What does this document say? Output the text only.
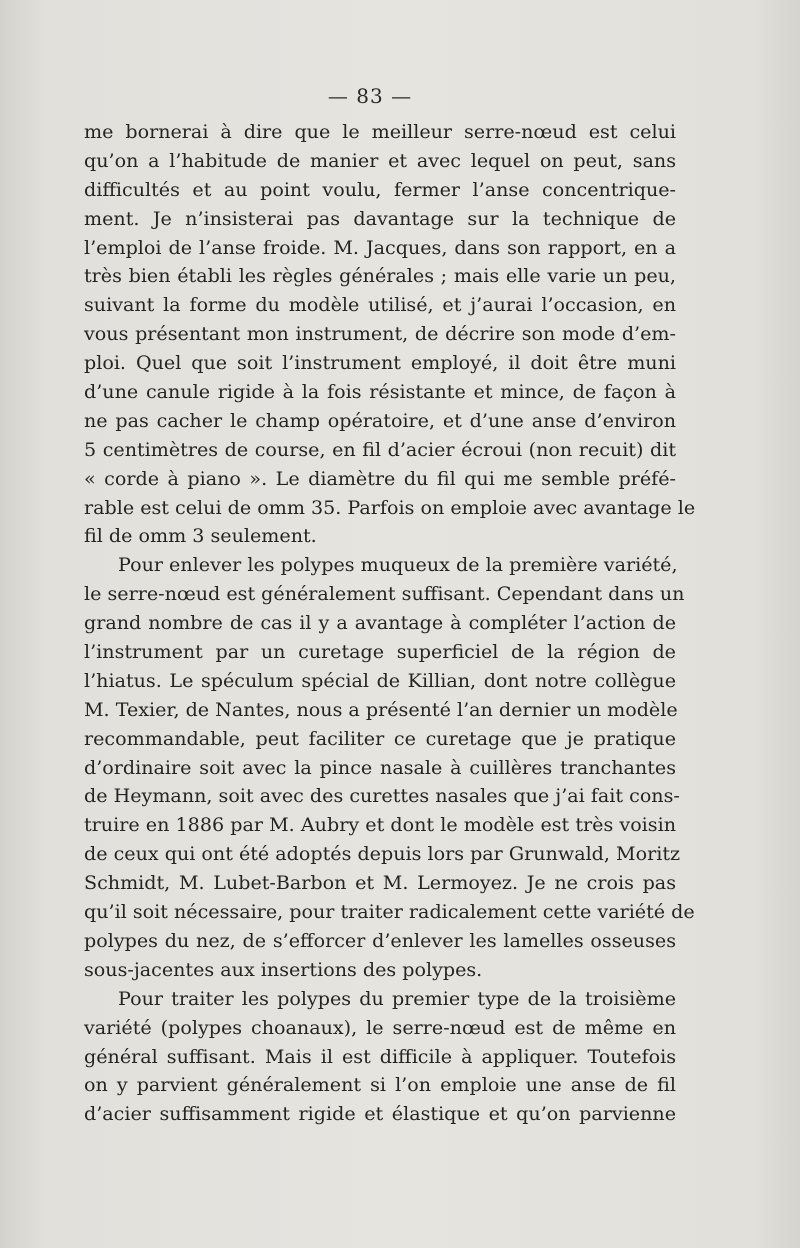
— 83 —
me bornerai à dire que le meilleur serre-nœud est celui
qu’on a l’habitude de manier et avec lequel on peut, sans
difficultés et au point voulu, fermer l’anse concentrique-
ment. Je n’insisterai pas davantage sur la technique de
l’emploi de l’anse froide. M. Jacques, dans son rapport, en a
très bien établi les règles générales ; mais elle varie un peu,
suivant la forme du modèle utilisé, et j’aurai l’occasion, en
vous présentant mon instrument, de décrire son mode d’em-
ploi. Quel que soit l’instrument employé, il doit être muni
d’une canule rigide à la fois résistante et mince, de façon à
ne pas cacher le champ opératoire, et d’une anse d’environ
5 centimètres de course, en fil d’acier écroui (non recuit) dit
« corde à piano ». Le diamètre du fil qui me semble préfé-
rable est celui de omm 35. Parfois on emploie avec avantage le
fil de omm 3 seulement.
Pour enlever les polypes muqueux de la première variété,
le serre-nœud est généralement suffisant. Cependant dans un
grand nombre de cas il y a avantage à compléter l’action de
l’instrument par un curetage superficiel de la région de
l’hiatus. Le spéculum spécial de Killian, dont notre collègue
M. Texier, de Nantes, nous a présenté l’an dernier un modèle
recommandable, peut faciliter ce curetage que je pratique
d’ordinaire soit avec la pince nasale à cuillères tranchantes
de Heymann, soit avec des curettes nasales que j’ai fait cons-
truire en 1886 par M. Aubry et dont le modèle est très voisin
de ceux qui ont été adoptés depuis lors par Grunwald, Moritz
Schmidt, M. Lubet-Barbon et M. Lermoyez. Je ne crois pas
qu’il soit nécessaire, pour traiter radicalement cette variété de
polypes du nez, de s’efforcer d’enlever les lamelles osseuses
sous-jacentes aux insertions des polypes.
Pour traiter les polypes du premier type de la troisième
variété (polypes choanaux), le serre-nœud est de même en
général suffisant. Mais il est difficile à appliquer. Toutefois
on y parvient généralement si l’on emploie une anse de fil
d’acier suffisamment rigide et élastique et qu’on parvienne
